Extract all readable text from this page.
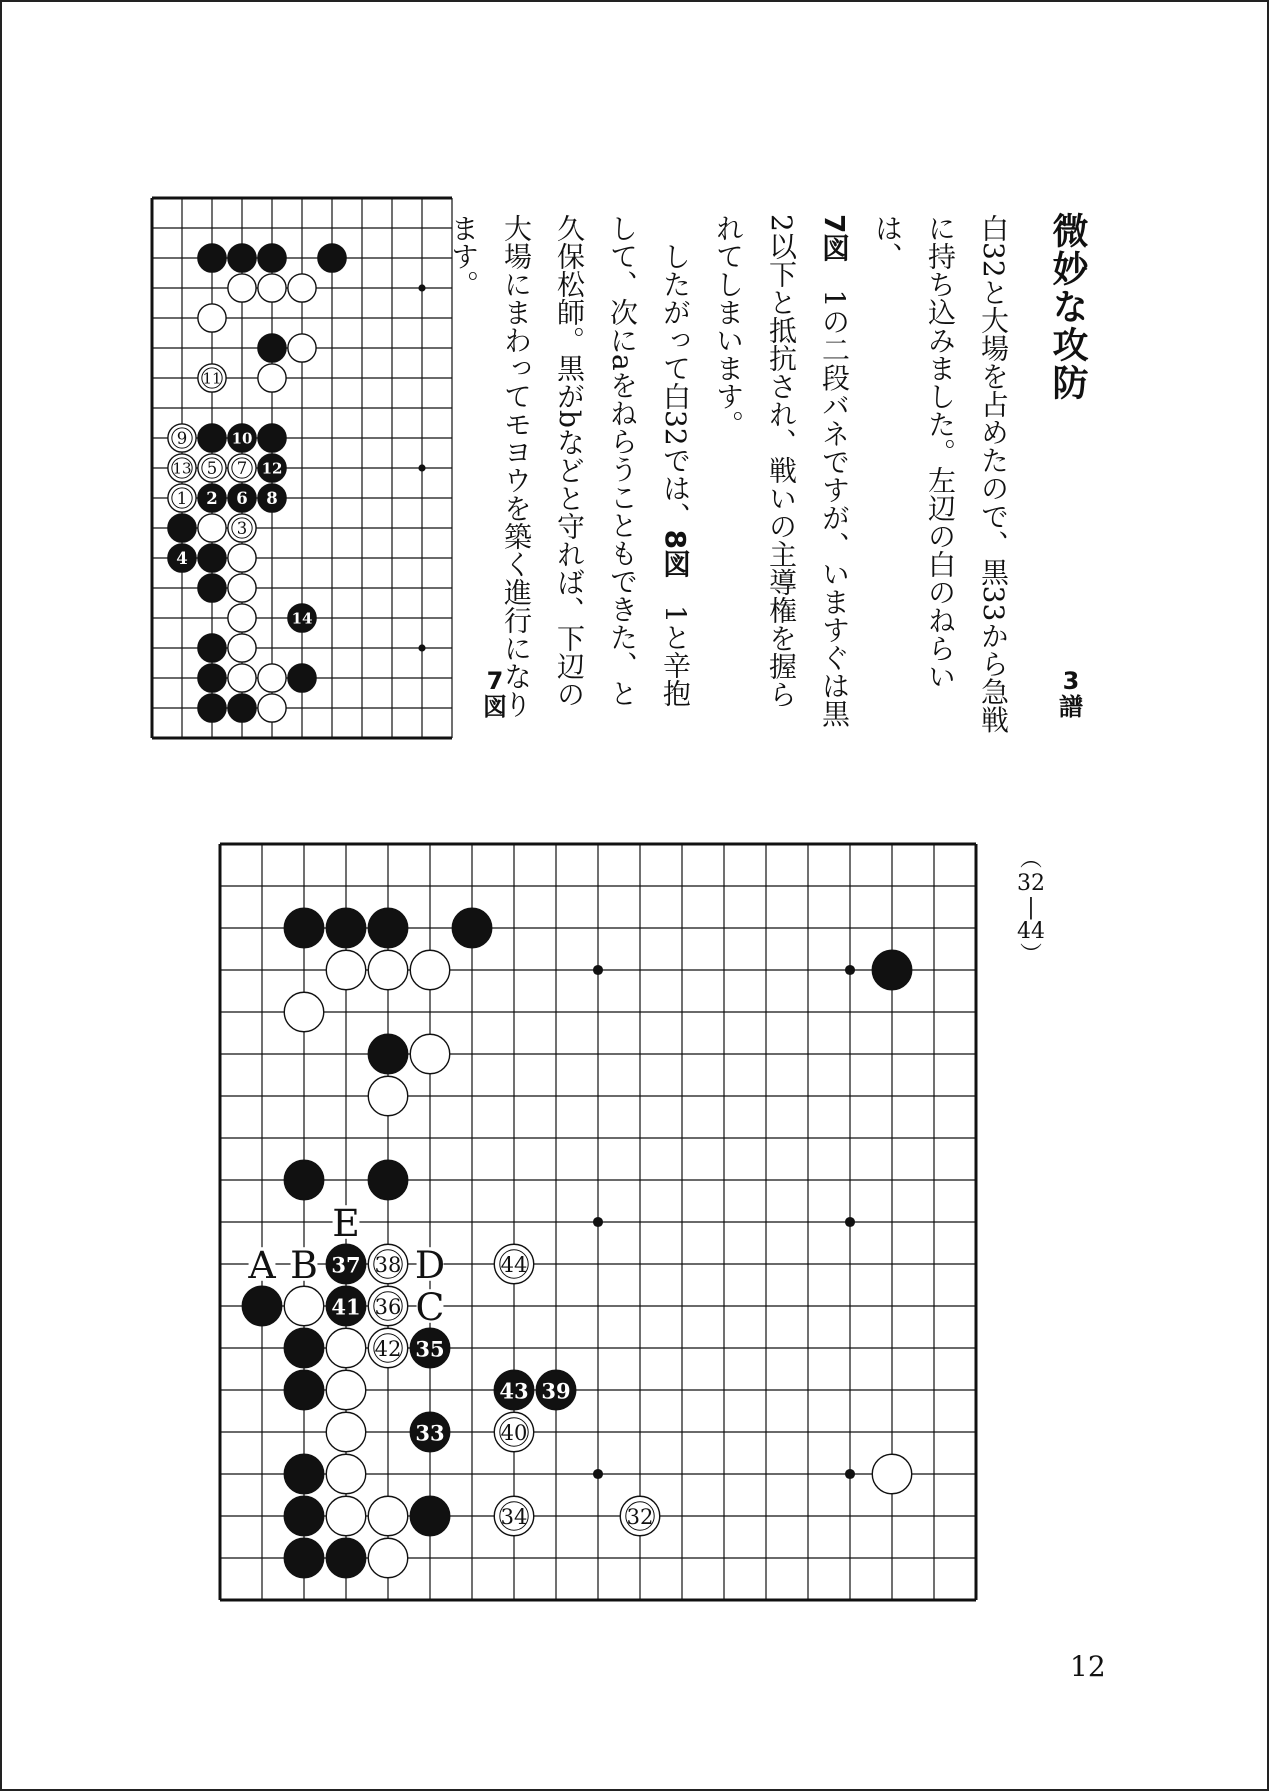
微妙な攻防
3
譜
白32と大場を占めたので、黒33から急戦に持ち込みました。左辺の白のねらいは、
7図　1の二段バネですが、いますぐは黒2以下と抵抗され、戦いの主導権を握られてしまいます。
　したがって白32では、8図　1と辛抱して、次にaをねらうこともできた、と久保松師。黒がbなどと守れば、下辺の大場にまわってモヨウを築く進行になります。
11
9	10
13 5 7 12
1 2 6 8
3
4
14
7
図
37 38	44
41 36
42 35
43 39
33	40
34	32
A B	D
C
E
︵
32
|
44
︶
12
